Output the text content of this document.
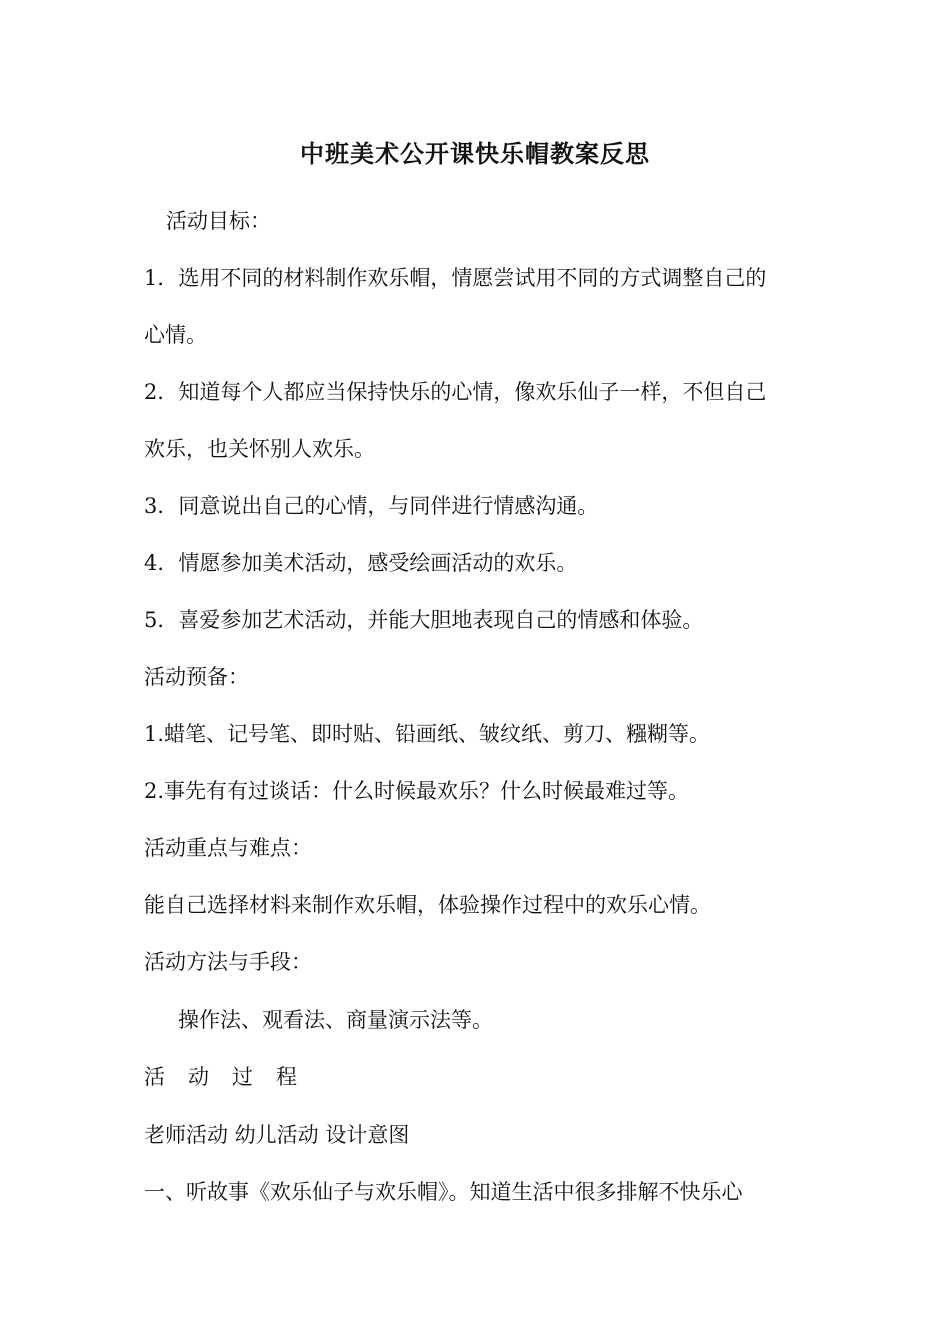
中班美术公开课快乐帽教案反思
活动目标：
1．选用不同的材料制作欢乐帽，情愿尝试用不同的方式调整自己的
心情。
2．知道每个人都应当保持快乐的心情，像欢乐仙子一样，不但自己
欢乐，也关怀别人欢乐。
3．同意说出自己的心情，与同伴进行情感沟通。
4．情愿参加美术活动，感受绘画活动的欢乐。
5．喜爱参加艺术活动，并能大胆地表现自己的情感和体验。
活动预备：
1.蜡笔、记号笔、即时贴、铅画纸、皱纹纸、剪刀、糨糊等。
2.事先有有过谈话：什么时候最欢乐？什么时候最难过等。
活动重点与难点：
能自己选择材料来制作欢乐帽，体验操作过程中的欢乐心情。
活动方法与手段：
操作法、观看法、商量演示法等。
活动过程
老师活动 幼儿活动 设计意图
一、听故事《欢乐仙子与欢乐帽》。知道生活中很多排解不快乐心
